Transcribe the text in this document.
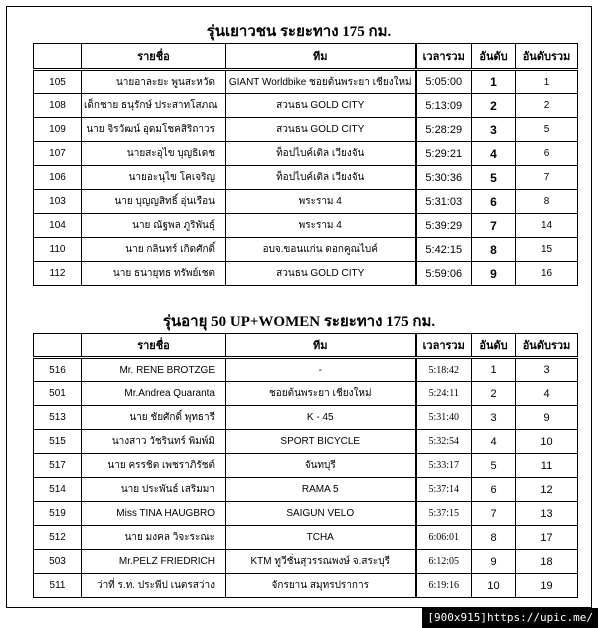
รุ่นเยาวชน ระยะทาง 175 กม.
	รายชื่อ	ทีม	เวลารวม	อันดับ	อันดับรวม
105	นายอาละยะ พูนสะหวัด	GIANT Worldbike ชอยต้นพระยา เชียงใหม่	5:05:00	1	1
108	เด็กชาย ธนุรักษ์ ประสาทโสภณ	สวนธน GOLD CITY	5:13:09	2	2
109	นาย จิรวัฒน์ อุดมโชคสิริถาวร	สวนธน GOLD CITY	5:28:29	3	5
107	นายสะอุไข บุญธิเดช	ท็อปไบค์เติล เวียงจัน	5:29:21	4	6
106	นายอะนุไข โคเจริญ	ท็อปไบค์เติล เวียงจัน	5:30:36	5	7
103	นาย บุญญสิทธิ์ อุ่นเรือน	พระราม 4	5:31:03	6	8
104	นาย ณัฐพล ภูริพันธุ์	พระราม 4	5:39:29	7	14
110	นาย กลินทร์ เกิดศักดิ์	อบจ.ขอนแก่น ดอกคูณไบค์	5:42:15	8	15
112	นาย ธนายุทธ ทรัพย์เชต	สวนธน GOLD CITY	5:59:06	9	16
รุ่นอายุ 50 UP+WOMEN ระยะทาง 175 กม.
	รายชื่อ	ทีม	เวลารวม	อันดับ	อันดับรวม
516	Mr. RENE BROTZGE	-	5:18:42	1	3
501	Mr.Andrea Quaranta	ชอยต้นพระยา เชียงใหม่	5:24:11	2	4
513	นาย ชัยศักดิ์ พุทธารี	K - 45	5:31:40	3	9
515	นางสาว วัชรินทร์ พิมพ์มิ	SPORT BICYCLE	5:32:54	4	10
517	นาย ครรชิต เพชราภิรัชต์	จันทบุรี	5:33:17	5	11
514	นาย ประพันธ์ เสริมมา	RAMA 5	5:37:14	6	12
519	Miss TINA HAUGBRO	SAIGUN VELO	5:37:15	7	13
512	นาย มงคล วิจะระณะ	TCHA	6:06:01	8	17
503	Mr.PELZ FRIEDRICH	KTM ทูวีชั่นสุวรรณพงษ์ จ.สระบุรี	6:12:05	9	18
511	ว่าที่ ร.ท. ประพีป เนตรสว่าง	จักรยาน สมุทรปราการ	6:19:16	10	19
[900x915]https://upic.me/
